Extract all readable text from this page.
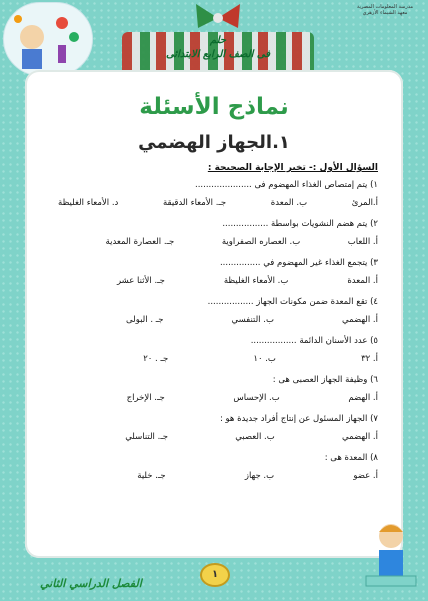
مدرسة المعلومات المصرية
معهد الشيماء الأزهري
حلم
فى الصف الرابع الابتدائى
نماذج الأسئلة
١.الجهاز الهضمي
السؤال الأول :- تخير الإجابة الصحيحة :
١) يتم إمتصاص الغذاء المهضوم فى .....................
أ.المرئ
ب. المعدة
جـ. الأمعاء الدقيقة
د. الأمعاء الغليظة
٢) يتم هضم النشويات بواسطة .................
أ. اللعاب
ب. العصاره الصفراوية
جـ. العصارة المعدية
٣) يتجمع الغذاء غير المهضوم في ...............
أ. المعدة
ب. الأمعاء الغليظة
جـ. الأثنا عشر
٤) تقع المعدة ضمن مكونات الجهاز .................
أ. الهضمي
ب. التنفسي
جـ . البولى
٥) عدد الأسنان الدائمة .................
أ. ٣٢
ب. ١٠
جـ . ٢٠
٦) وظيفة الجهاز العصبى هى :
أ. الهضم
ب. الإحساس
جـ. الإخراج
٧) الجهاز المسئول عن إنتاج أفراد جديدة هو :
أ. الهضمي
ب. العصبي
جـ. التناسلي
٨) المعدة هى :
أ. عضو
ب. جهاز
جـ. خلية
١
الفصل الدراسي الثاني
